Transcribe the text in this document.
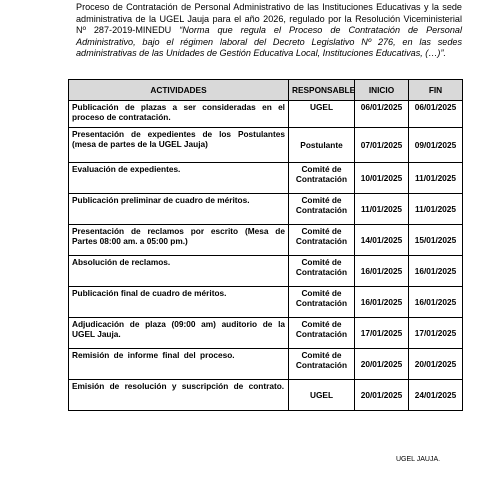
Proceso de Contratación de Personal Administrativo de las Instituciones Educativas y la sede administrativa de la UGEL Jauja para el año 2026, regulado por la Resolución Viceministerial Nº 287-2019-MINEDU “Norma que regula el Proceso de Contratación de Personal Administrativo, bajo el régimen laboral del Decreto Legislativo Nº 276, en las sedes administrativas de las Unidades de Gestión Educativa Local, Instituciones Educativas, (…)”.

ACTIVIDADES	RESPONSABLE	INICIO	FIN
Publicación de plazas a ser consideradas en el proceso de contratación.	UGEL	06/01/2025	06/01/2025
Presentación de expedientes de los Postulantes (mesa de partes de la UGEL Jauja)	Postulante	07/01/2025	09/01/2025
Evaluación de expedientes.	Comité de Contratación	10/01/2025	11/01/2025
Publicación preliminar de cuadro de méritos.	Comité de Contratación	11/01/2025	11/01/2025
Presentación de reclamos por escrito (Mesa de Partes 08:00 am. a 05:00 pm.)	Comité de Contratación	14/01/2025	15/01/2025
Absolución de reclamos.	Comité de Contratación	16/01/2025	16/01/2025
Publicación final de cuadro de méritos.	Comité de Contratación	16/01/2025	16/01/2025
Adjudicación de plaza (09:00 am) auditorio de la UGEL Jauja.	Comité de Contratación	17/01/2025	17/01/2025
Remisión de informe final del proceso.	Comité de Contratación	20/01/2025	20/01/2025
Emisión de resolución y suscripción de contrato.	UGEL	20/01/2025	24/01/2025
UGEL JAUJA.
